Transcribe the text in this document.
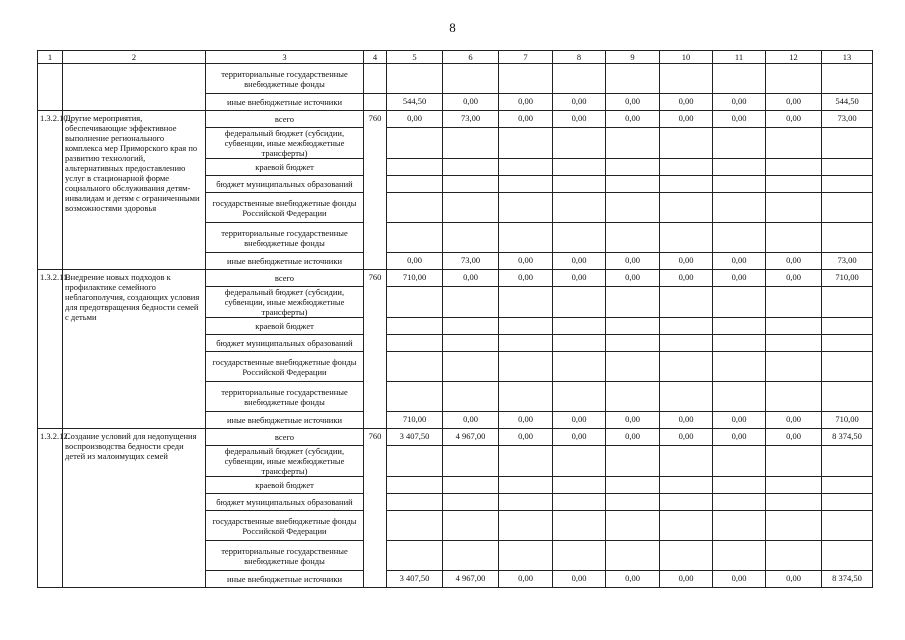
8
1	2	3	4	5	6	7	8	9	10	11	12	13
		территориальные государственные внебюджетные фонды										
		иные внебюджетные источники		544,50	0,00	0,00	0,00	0,00	0,00	0,00	0,00	544,50
1.3.2.10.	Другие мероприятия, обеспечивающие эффективное выполнение регионального комплекса мер Приморского края по развитию технологий, альтернативных предоставлению услуг в стационарной форме социального обслуживания детям-инвалидам и детям с ограниченными возможностями здоровья	всего	760	0,00	73,00	0,00	0,00	0,00	0,00	0,00	0,00	73,00
		федеральный бюджет (субсидии, субвенции, иные межбюджетные трансферты)										
		краевой бюджет										
		бюджет муниципальных образований										
		государственные внебюджетные фонды Российской Федерации										
		территориальные государственные внебюджетные фонды										
		иные внебюджетные источники		0,00	73,00	0,00	0,00	0,00	0,00	0,00	0,00	73,00
1.3.2.11.	Внедрение новых подходов к профилактике семейного неблагополучия, создающих условия для предотвращения бедности семей с детьми	всего	760	710,00	0,00	0,00	0,00	0,00	0,00	0,00	0,00	710,00
		федеральный бюджет (субсидии, субвенции, иные межбюджетные трансферты)										
		краевой бюджет										
		бюджет муниципальных образований										
		государственные внебюджетные фонды Российской Федерации										
		территориальные государственные внебюджетные фонды										
		иные внебюджетные источники		710,00	0,00	0,00	0,00	0,00	0,00	0,00	0,00	710,00
1.3.2.12.	Создание условий для недопущения воспроизводства бедности среди детей из малоимущих семей	всего	760	3 407,50	4 967,00	0,00	0,00	0,00	0,00	0,00	0,00	8 374,50
		федеральный бюджет (субсидии, субвенции, иные межбюджетные трансферты)										
		краевой бюджет										
		бюджет муниципальных образований										
		государственные внебюджетные фонды Российской Федерации										
		территориальные государственные внебюджетные фонды										
		иные внебюджетные источники		3 407,50	4 967,00	0,00	0,00	0,00	0,00	0,00	0,00	8 374,50
